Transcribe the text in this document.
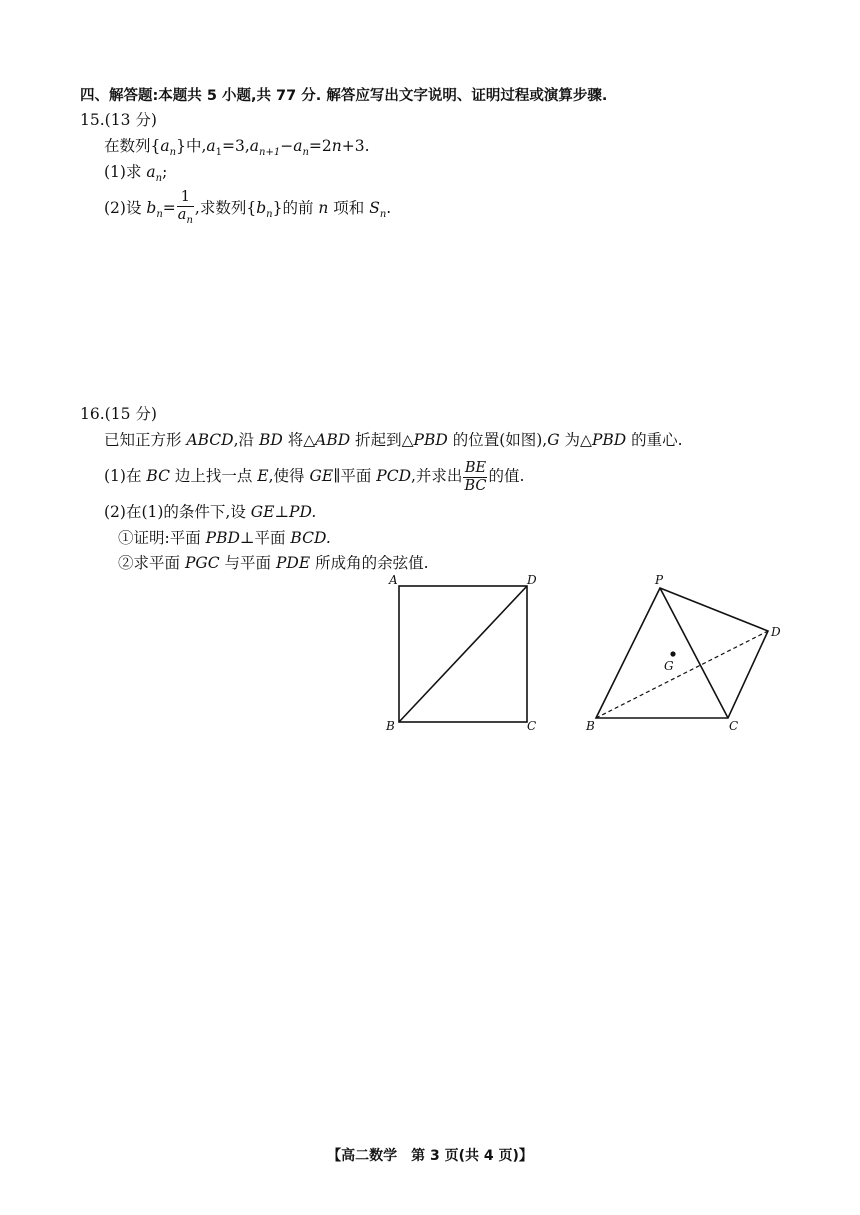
四、解答题:本题共 5 小题,共 77 分. 解答应写出文字说明、证明过程或演算步骤.
15.(13 分)
在数列$\{a_n\}$中$,a_1=3,a_{n+1}-a_n=2n+3$.
(1)求 $a_n$;
(2)设 $b_n= \frac{1}{a_n}$ ,求数列$\{b_n\}$的前 n 项和 $S_n$.
16.(15 分)
已知正方形 ABCD,沿 BD 将△ABD 折起到△PBD 的位置(如图),G 为△PBD 的重心.
(1)在 BC 边上找一点 E,使得 GE∥平面 PCD,并求出 $\frac{BE}{BC}$ 的值.
(2)在(1)的条件下,设 GE⊥PD.
①证明:平面 PBD⊥平面 BCD.
②求平面 PGC 与平面 PDE 所成角的余弦值.
A	D
B	C
P
D
G
B	C
【高二数学　第 3 页(共 4 页)】
